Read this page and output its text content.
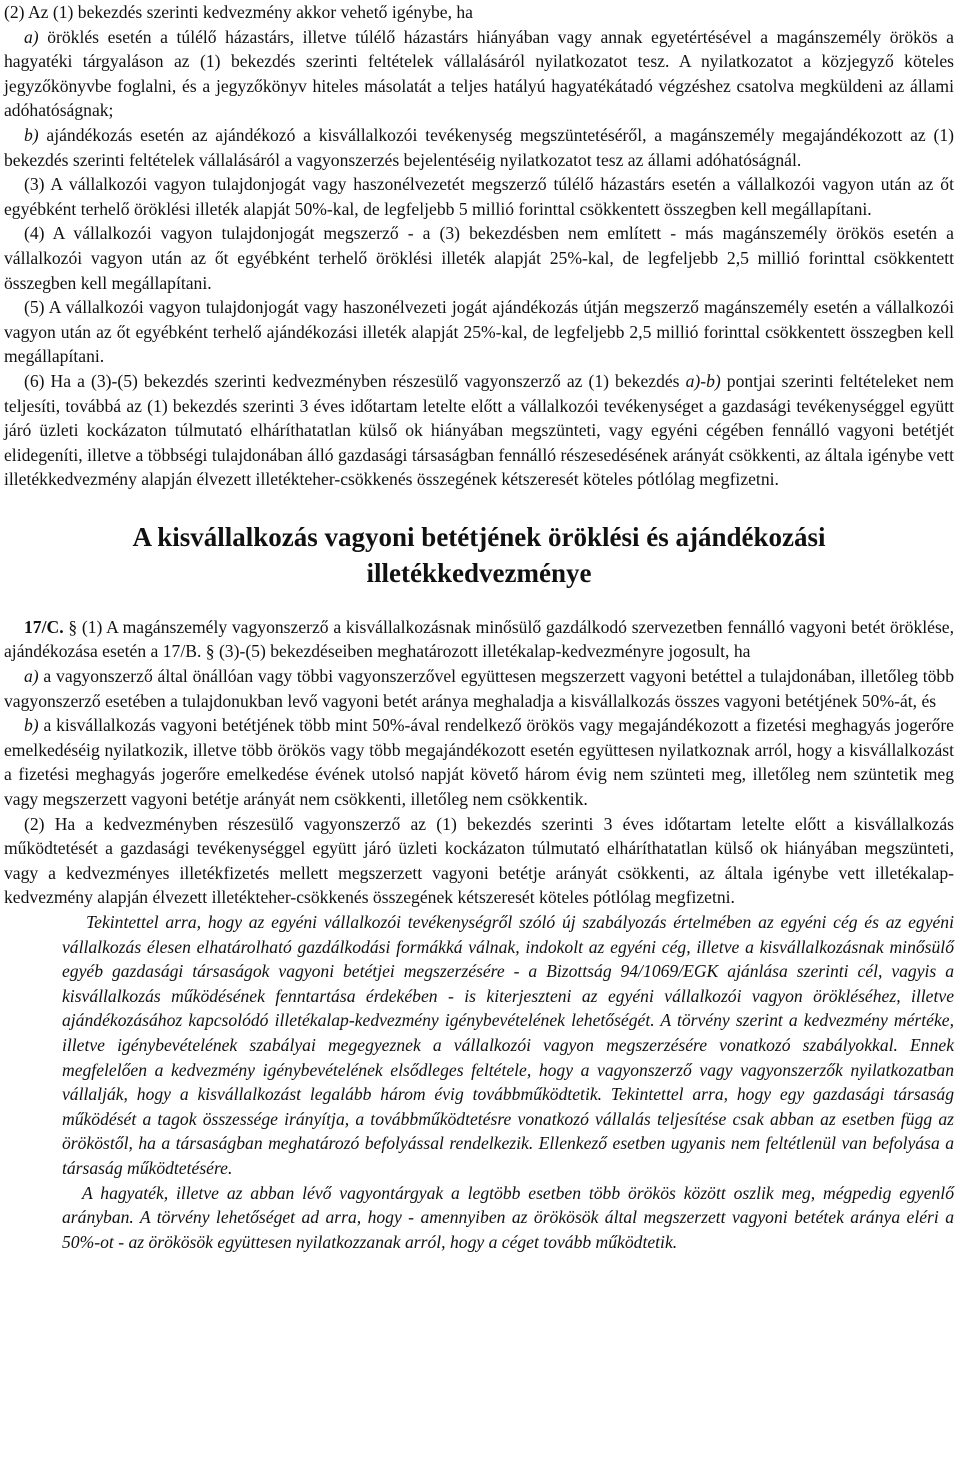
(2) Az (1) bekezdés szerinti kedvezmény akkor vehető igénybe, ha

a) öröklés esetén a túlélő házastárs, illetve túlélő házastárs hiányában vagy annak egyetértésével a magánszemély örökös a hagyatéki tárgyaláson az (1) bekezdés szerinti feltételek vállalásáról nyilatkozatot tesz. A nyilatkozatot a közjegyző köteles jegyzőkönyvbe foglalni, és a jegyzőkönyv hiteles másolatát a teljes hatályú hagyatékátadó végzéshez csatolva megküldeni az állami adóhatóságnak;

b) ajándékozás esetén az ajándékozó a kisvállalkozói tevékenység megszüntetéséről, a magánszemély megajándékozott az (1) bekezdés szerinti feltételek vállalásáról a vagyonszerzés bejelentéséig nyilatkozatot tesz az állami adóhatóságnál.

(3) A vállalkozói vagyon tulajdonjogát vagy haszonélvezetét megszerző túlélő házastárs esetén a vállalkozói vagyon után az őt egyébként terhelő öröklési illeték alapját 50%-kal, de legfeljebb 5 millió forinttal csökkentett összegben kell megállapítani.

(4) A vállalkozói vagyon tulajdonjogát megszerző - a (3) bekezdésben nem említett - más magánszemély örökös esetén a vállalkozói vagyon után az őt egyébként terhelő öröklési illeték alapját 25%-kal, de legfeljebb 2,5 millió forinttal csökkentett összegben kell megállapítani.

(5) A vállalkozói vagyon tulajdonjogát vagy haszonélvezeti jogát ajándékozás útján megszerző magánszemély esetén a vállalkozói vagyon után az őt egyébként terhelő ajándékozási illeték alapját 25%-kal, de legfeljebb 2,5 millió forinttal csökkentett összegben kell megállapítani.

(6) Ha a (3)-(5) bekezdés szerinti kedvezményben részesülő vagyonszerző az (1) bekezdés a)-b) pontjai szerinti feltételeket nem teljesíti, továbbá az (1) bekezdés szerinti 3 éves időtartam letelte előtt a vállalkozói tevékenységet a gazdasági tevékenységgel együtt járó üzleti kockázaton túlmutató elháríthatatlan külső ok hiányában megszünteti, vagy egyéni cégében fennálló vagyoni betétjét elidegeníti, illetve a többségi tulajdonában álló gazdasági társaságban fennálló részesedésének arányát csökkenti, az általa igénybe vett illetékkedvezmény alapján élvezett illetékteher-csökkenés összegének kétszeresét köteles pótlólag megfizetni.

A kisvállalkozás vagyoni betétjének öröklési és ajándékozási illetékkedvezménye

17/C. § (1) A magánszemély vagyonszerző a kisvállalkozásnak minősülő gazdálkodó szervezetben fennálló vagyoni betét öröklése, ajándékozása esetén a 17/B. § (3)-(5) bekezdéseiben meghatározott illetékalap-kedvezményre jogosult, ha

a) a vagyonszerző által önállóan vagy többi vagyonszerzővel együttesen megszerzett vagyoni betéttel a tulajdonában, illetőleg több vagyonszerző esetében a tulajdonukban levő vagyoni betét aránya meghaladja a kisvállalkozás összes vagyoni betétjének 50%-át, és

b) a kisvállalkozás vagyoni betétjének több mint 50%-ával rendelkező örökös vagy megajándékozott a fizetési meghagyás jogerőre emelkedéséig nyilatkozik, illetve több örökös vagy több megajándékozott esetén együttesen nyilatkoznak arról, hogy a kisvállalkozást a fizetési meghagyás jogerőre emelkedése évének utolsó napját követő három évig nem szünteti meg, illetőleg nem szüntetik meg vagy megszerzett vagyoni betétje arányát nem csökkenti, illetőleg nem csökkentik.

(2) Ha a kedvezményben részesülő vagyonszerző az (1) bekezdés szerinti 3 éves időtartam letelte előtt a kisvállalkozás működtetését a gazdasági tevékenységgel együtt járó üzleti kockázaton túlmutató elháríthatatlan külső ok hiányában megszünteti, vagy a kedvezményes illetékfizetés mellett megszerzett vagyoni betétje arányát csökkenti, az általa igénybe vett illetékalap-kedvezmény alapján élvezett illetékteher-csökkenés összegének kétszeresét köteles pótlólag megfizetni.

Tekintettel arra, hogy az egyéni vállalkozói tevékenységről szóló új szabályozás értelmében az egyéni cég és az egyéni vállalkozás élesen elhatárolható gazdálkodási formákká válnak, indokolt az egyéni cég, illetve a kisvállalkozásnak minősülő egyéb gazdasági társaságok vagyoni betétjei megszerzésére - a Bizottság 94/1069/EGK ajánlása szerinti cél, vagyis a kisvállalkozás működésének fenntartása érdekében - is kiterjeszteni az egyéni vállalkozói vagyon örökléséhez, illetve ajándékozásához kapcsolódó illetékalap-kedvezmény igénybevételének lehetőségét. A törvény szerint a kedvezmény mértéke, illetve igénybevételének szabályai megegyeznek a vállalkozói vagyon megszerzésére vonatkozó szabályokkal. Ennek megfelelően a kedvezmény igénybevételének elsődleges feltétele, hogy a vagyonszerző vagy vagyonszerzők nyilatkozatban vállalják, hogy a kisvállalkozást legalább három évig továbbműködtetik. Tekintettel arra, hogy egy gazdasági társaság működését a tagok összessége irányítja, a továbbműködtetésre vonatkozó vállalás teljesítése csak abban az esetben függ az örököstől, ha a társaságban meghatározó befolyással rendelkezik. Ellenkező esetben ugyanis nem feltétlenül van befolyása a társaság működtetésére.

A hagyaték, illetve az abban lévő vagyontárgyak a legtöbb esetben több örökös között oszlik meg, mégpedig egyenlő arányban. A törvény lehetőséget ad arra, hogy - amennyiben az örökösök által megszerzett vagyoni betétek aránya eléri a 50%-ot - az örökösök együttesen nyilatkozzanak arról, hogy a céget tovább működtetik.
